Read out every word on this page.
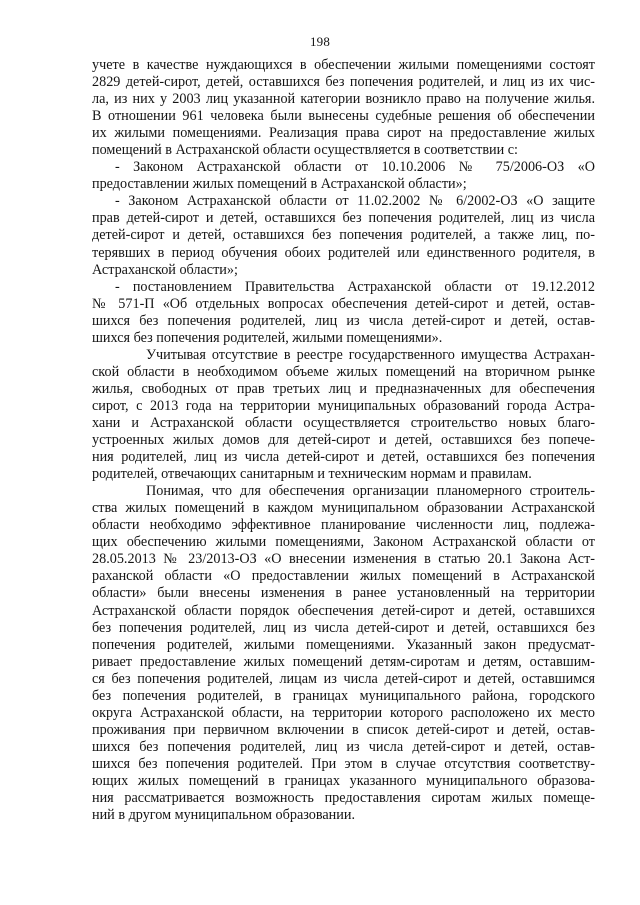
198
учете в качестве нуждающихся в обеспечении жилыми помещениями состоят
2829 детей-сирот, детей, оставшихся без попечения родителей, и лиц из их чис-
ла, из них у 2003 лиц указанной категории возникло право на получение жилья.
В отношении 961 человека были вынесены судебные решения об обеспечении
их жилыми помещениями. Реализация права сирот на предоставление жилых
помещений в Астраханской области осуществляется в соответствии с:
- Законом Астраханской области от 10.10.2006 № 75/2006-ОЗ «О
предоставлении жилых помещений в Астраханской области»;
- Законом Астраханской области от 11.02.2002 № 6/2002-ОЗ «О защите
прав детей-сирот и детей, оставшихся без попечения родителей, лиц из числа
детей-сирот и детей, оставшихся без попечения родителей, а также лиц, по-
терявших в период обучения обоих родителей или единственного родителя, в
Астраханской области»;
- постановлением Правительства Астраханской области от 19.12.2012
№ 571-П «Об отдельных вопросах обеспечения детей-сирот и детей, остав-
шихся без попечения родителей, лиц из числа детей-сирот и детей, остав-
шихся без попечения родителей, жилыми помещениями».
Учитывая отсутствие в реестре государственного имущества Астрахан-
ской области в необходимом объеме жилых помещений на вторичном рынке
жилья, свободных от прав третьих лиц и предназначенных для обеспечения
сирот, с 2013 года на территории муниципальных образований города Астра-
хани и Астраханской области осуществляется строительство новых благо-
устроенных жилых домов для детей-сирот и детей, оставшихся без попече-
ния родителей, лиц из числа детей-сирот и детей, оставшихся без попечения
родителей, отвечающих санитарным и техническим нормам и правилам.
Понимая, что для обеспечения организации планомерного строитель-
ства жилых помещений в каждом муниципальном образовании Астраханской
области необходимо эффективное планирование численности лиц, подлежа-
щих обеспечению жилыми помещениями, Законом Астраханской области от
28.05.2013 № 23/2013-ОЗ «О внесении изменения в статью 20.1 Закона Аст-
раханской области «О предоставлении жилых помещений в Астраханской
области» были внесены изменения в ранее установленный на территории
Астраханской области порядок обеспечения детей-сирот и детей, оставшихся
без попечения родителей, лиц из числа детей-сирот и детей, оставшихся без
попечения родителей, жилыми помещениями. Указанный закон предусмат-
ривает предоставление жилых помещений детям-сиротам и детям, оставшим-
ся без попечения родителей, лицам из числа детей-сирот и детей, оставшимся
без попечения родителей, в границах муниципального района, городского
округа Астраханской области, на территории которого расположено их место
проживания при первичном включении в список детей-сирот и детей, остав-
шихся без попечения родителей, лиц из числа детей-сирот и детей, остав-
шихся без попечения родителей. При этом в случае отсутствия соответству-
ющих жилых помещений в границах указанного муниципального образова-
ния рассматривается возможность предоставления сиротам жилых помеще-
ний в другом муниципальном образовании.
